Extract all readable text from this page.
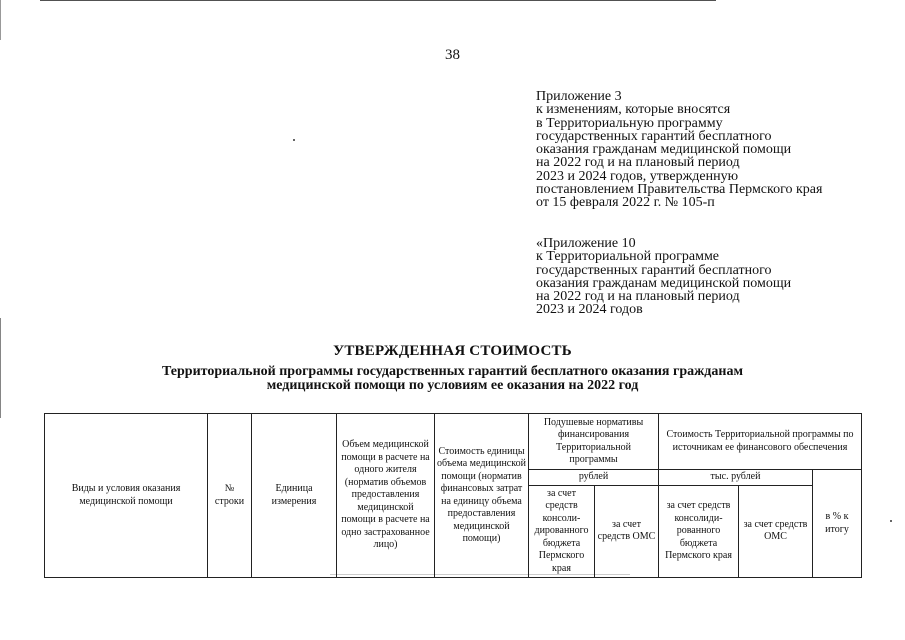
38
Приложение 3
к изменениям, которые вносятся
в Территориальную программу
государственных гарантий бесплатного
оказания гражданам медицинской помощи
на 2022 год и на плановый период
2023 и 2024 годов, утвержденную
постановлением Правительства Пермского края
от 15 февраля 2022 г. № 105-п
«Приложение 10
к Территориальной программе
государственных гарантий бесплатного
оказания гражданам медицинской помощи
на 2022 год и на плановый период
2023 и 2024 годов
УТВЕРЖДЕННАЯ СТОИМОСТЬ
Территориальной программы государственных гарантий бесплатного оказания гражданам
медицинской помощи по условиям ее оказания на 2022 год
Виды и условия оказания медицинской помощи	№ строки	Единица измерения	Объем медицинской помощи в расчете на одного жителя (норматив объемов предоставления медицинской помощи в расчете на одно застрахованное лицо)	Стоимость единицы объема медицинской помощи (норматив финансовых затрат на единицу объема предоставления медицинской помощи)	Подушевые нормативы финансирования Территориальной программы		Стоимость Территориальной программы по источникам ее финансового обеспечения		
					рублей		тыс. рублей		в % к итогу
					за счет средств консоли-дированного бюджета Пермского края	за счет средств ОМС	за счет средств консолиди-рованного бюджета Пермского края	за счет средств ОМС	
